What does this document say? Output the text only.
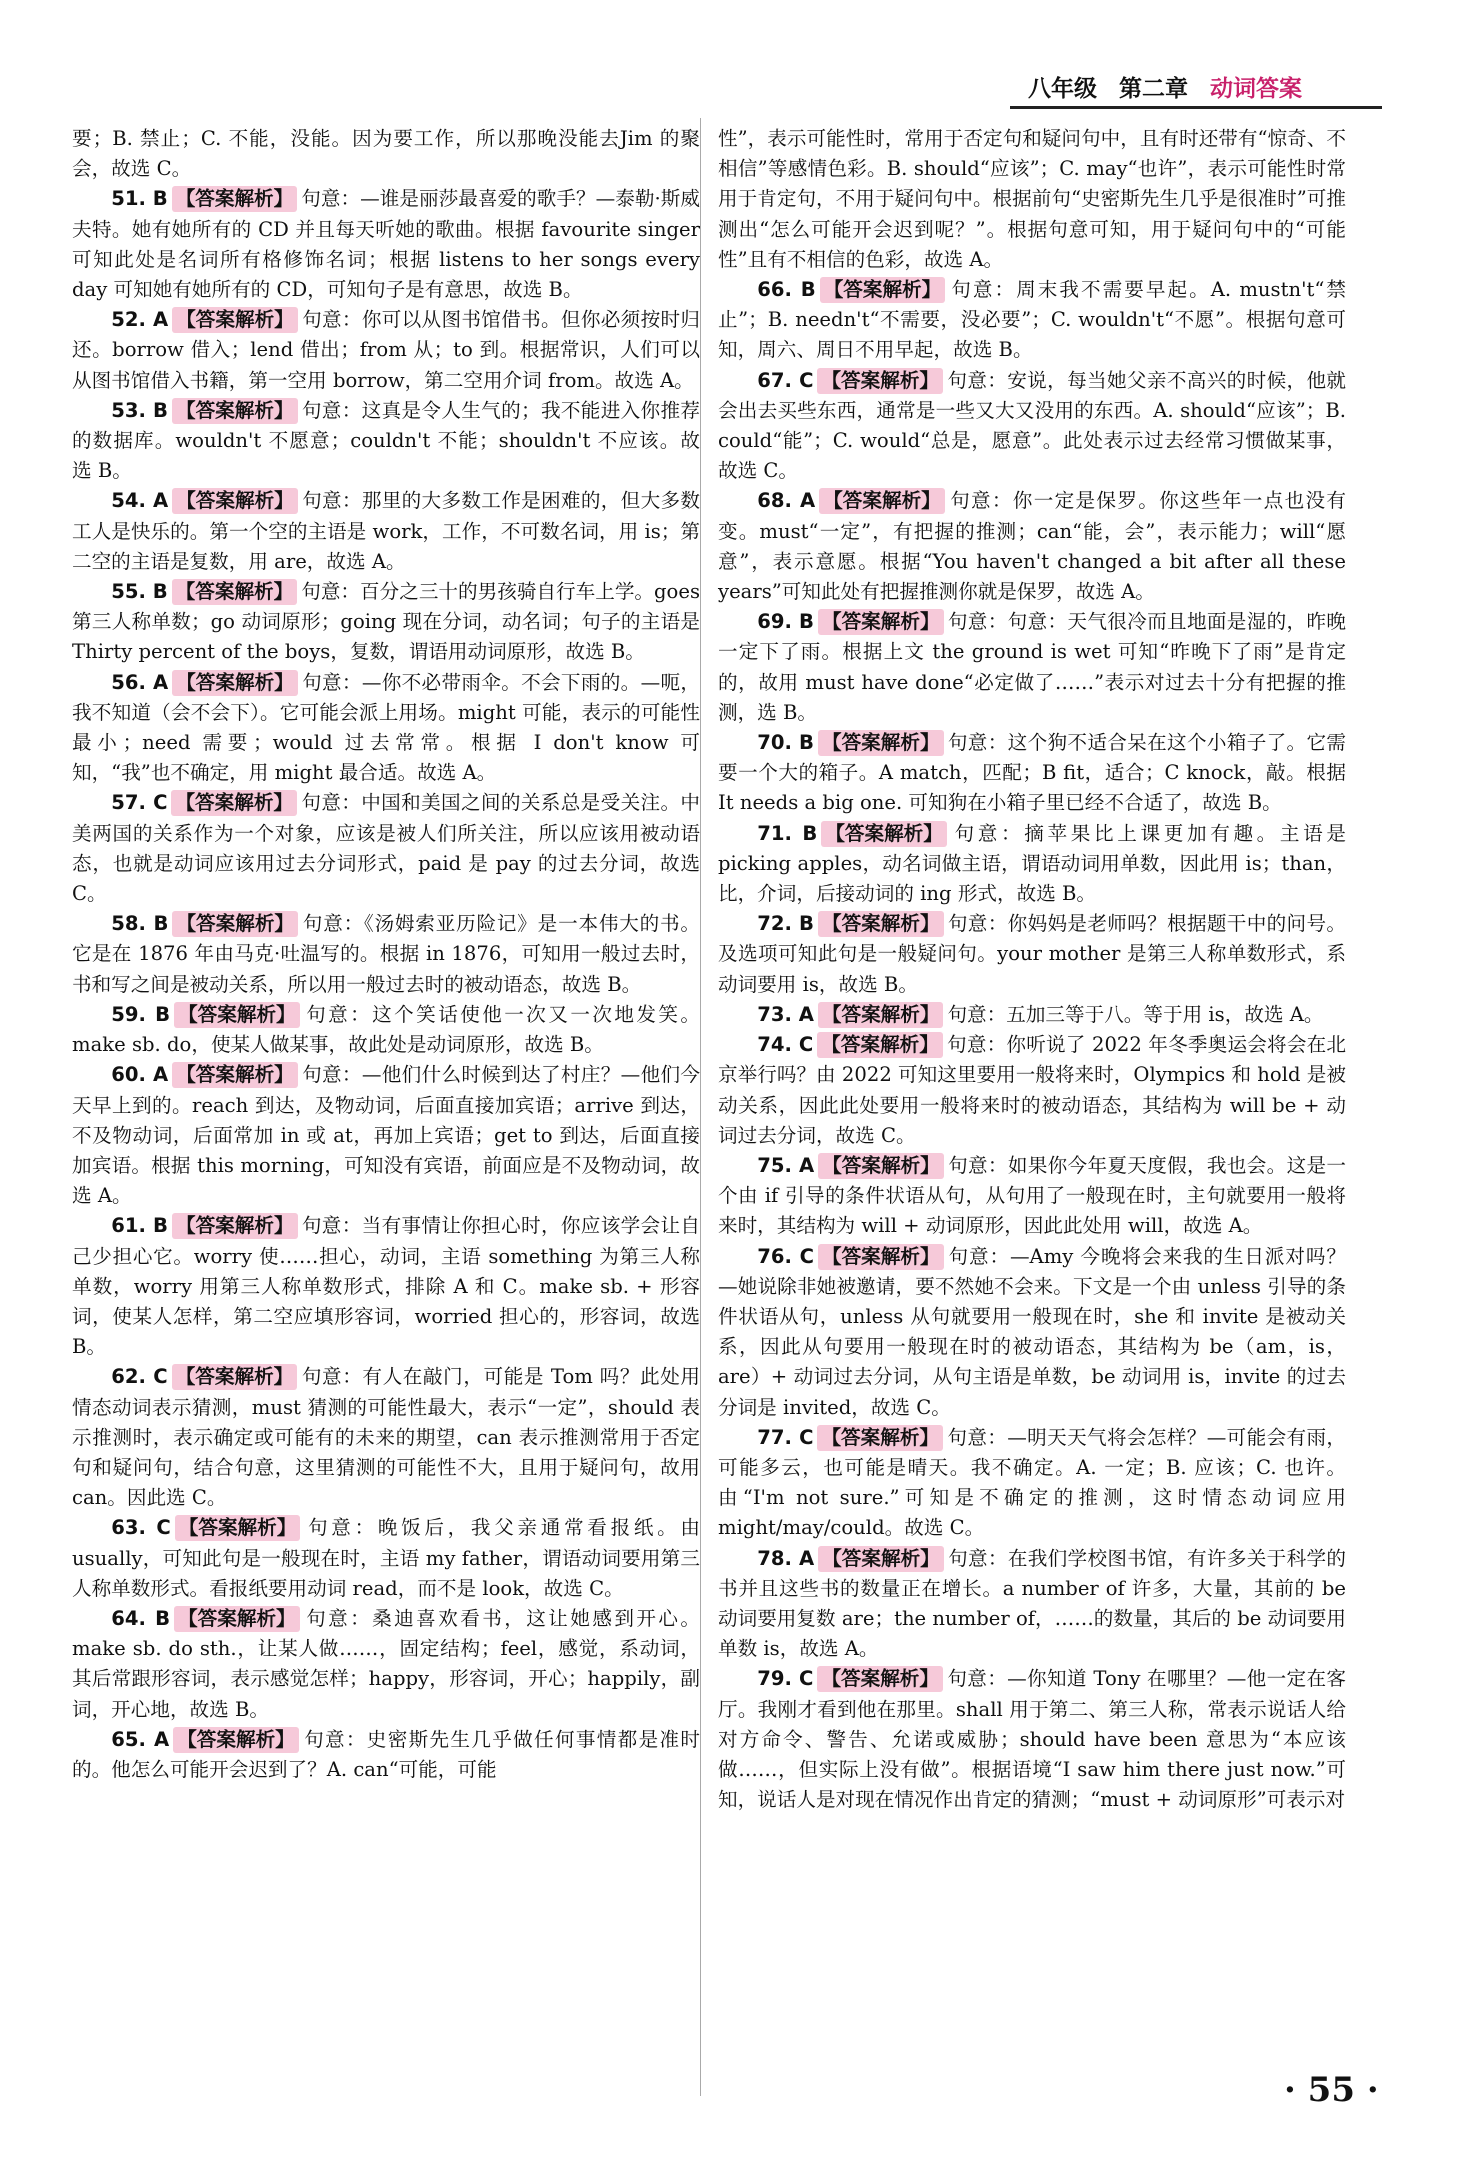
八年级 第二章 动词答案

要；B. 禁止；C. 不能，没能。因为要工作，所以那晚没能去Jim 的聚会，故选 C。

51. B 【答案解析】 句意：—谁是丽莎最喜爱的歌手？—泰勒·斯威夫特。她有她所有的 CD 并且每天听她的歌曲。根据 favourite singer 可知此处是名词所有格修饰名词；根据 listens to her songs every day 可知她有她所有的 CD，可知句子是有意思，故选 B。

52. A 【答案解析】 句意：你可以从图书馆借书。但你必须按时归还。borrow 借入；lend 借出；from 从；to 到。根据常识，人们可以从图书馆借入书籍，第一空用 borrow，第二空用介词 from。故选 A。

53. B 【答案解析】 句意：这真是令人生气的；我不能进入你推荐的数据库。wouldn't 不愿意；couldn't 不能；shouldn't 不应该。故选 B。

54. A 【答案解析】 句意：那里的大多数工作是困难的，但大多数工人是快乐的。第一个空的主语是 work，工作，不可数名词，用 is；第二空的主语是复数，用 are，故选 A。

55. B 【答案解析】 句意：百分之三十的男孩骑自行车上学。goes 第三人称单数；go 动词原形；going 现在分词，动名词；句子的主语是 Thirty percent of the boys，复数，谓语用动词原形，故选 B。

56. A 【答案解析】 句意：—你不必带雨伞。不会下雨的。—呃，我不知道（会不会下）。它可能会派上用场。might 可能，表示的可能性最小；need 需要；would 过去常常。根据 I don't know 可知，“我”也不确定，用 might 最合适。故选 A。

57. C 【答案解析】 句意：中国和美国之间的关系总是受关注。中美两国的关系作为一个对象，应该是被人们所关注，所以应该用被动语态，也就是动词应该用过去分词形式，paid 是 pay 的过去分词，故选 C。

58. B 【答案解析】 句意：《汤姆索亚历险记》是一本伟大的书。它是在 1876 年由马克·吐温写的。根据 in 1876，可知用一般过去时，书和写之间是被动关系，所以用一般过去时的被动语态，故选 B。

59. B 【答案解析】 句意：这个笑话使他一次又一次地发笑。make sb. do，使某人做某事，故此处是动词原形，故选 B。

60. A 【答案解析】 句意：—他们什么时候到达了村庄？—他们今天早上到的。reach 到达，及物动词，后面直接加宾语；arrive 到达，不及物动词，后面常加 in 或 at，再加上宾语；get to 到达，后面直接加宾语。根据 this morning，可知没有宾语，前面应是不及物动词，故选 A。

61. B 【答案解析】 句意：当有事情让你担心时，你应该学会让自己少担心它。worry 使……担心，动词，主语 something 为第三人称单数，worry 用第三人称单数形式，排除 A 和 C。make sb. + 形容词，使某人怎样，第二空应填形容词，worried 担心的，形容词，故选 B。

62. C 【答案解析】 句意：有人在敲门，可能是 Tom 吗？此处用情态动词表示猜测，must 猜测的可能性最大，表示“一定”，should 表示推测时，表示确定或可能有的未来的期望，can 表示推测常用于否定句和疑问句，结合句意，这里猜测的可能性不大，且用于疑问句，故用 can。因此选 C。

63. C 【答案解析】 句意：晚饭后，我父亲通常看报纸。由 usually，可知此句是一般现在时，主语 my father，谓语动词要用第三人称单数形式。看报纸要用动词 read，而不是 look，故选 C。

64. B 【答案解析】 句意：桑迪喜欢看书，这让她感到开心。make sb. do sth.，让某人做……，固定结构；feel，感觉，系动词，其后常跟形容词，表示感觉怎样；happy，形容词，开心；happily，副词，开心地，故选 B。

65. A 【答案解析】 句意：史密斯先生几乎做任何事情都是准时的。他怎么可能开会迟到了？A. can“可能，可能

性”，表示可能性时，常用于否定句和疑问句中，且有时还带有“惊奇、不相信”等感情色彩。B. should“应该”；C. may“也许”，表示可能性时常用于肯定句，不用于疑问句中。根据前句“史密斯先生几乎是很准时”可推测出“怎么可能开会迟到呢？”。根据句意可知，用于疑问句中的“可能性”且有不相信的色彩，故选 A。

66. B 【答案解析】 句意：周末我不需要早起。A. mustn't“禁止”；B. needn't“不需要，没必要”；C. wouldn't“不愿”。根据句意可知，周六、周日不用早起，故选 B。

67. C 【答案解析】 句意：安说，每当她父亲不高兴的时候，他就会出去买些东西，通常是一些又大又没用的东西。A. should“应该”；B. could“能”；C. would“总是，愿意”。此处表示过去经常习惯做某事，故选 C。

68. A 【答案解析】 句意：你一定是保罗。你这些年一点也没有变。must“一定”，有把握的推测；can“能，会”，表示能力；will“愿意”，表示意愿。根据“You haven't changed a bit after all these years”可知此处有把握推测你就是保罗，故选 A。

69. B 【答案解析】 句意：句意：天气很冷而且地面是湿的，昨晚一定下了雨。根据上文 the ground is wet 可知“昨晚下了雨”是肯定的，故用 must have done“必定做了……”表示对过去十分有把握的推测，选 B。

70. B 【答案解析】 句意：这个狗不适合呆在这个小箱子了。它需要一个大的箱子。A match，匹配；B fit，适合；C knock，敲。根据 It needs a big one. 可知狗在小箱子里已经不合适了，故选 B。

71. B 【答案解析】 句意：摘苹果比上课更加有趣。主语是 picking apples，动名词做主语，谓语动词用单数，因此用 is；than，比，介词，后接动词的 ing 形式，故选 B。

72. B 【答案解析】 句意：你妈妈是老师吗？根据题干中的问号。及选项可知此句是一般疑问句。your mother 是第三人称单数形式，系动词要用 is，故选 B。

73. A 【答案解析】 句意：五加三等于八。等于用 is，故选 A。

74. C 【答案解析】 句意：你听说了 2022 年冬季奥运会将会在北京举行吗？由 2022 可知这里要用一般将来时，Olympics 和 hold 是被动关系，因此此处要用一般将来时的被动语态，其结构为 will be + 动词过去分词，故选 C。

75. A 【答案解析】 句意：如果你今年夏天度假，我也会。这是一个由 if 引导的条件状语从句，从句用了一般现在时，主句就要用一般将来时，其结构为 will + 动词原形，因此此处用 will，故选 A。

76. C 【答案解析】 句意：—Amy 今晚将会来我的生日派对吗？—她说除非她被邀请，要不然她不会来。下文是一个由 unless 引导的条件状语从句，unless 从句就要用一般现在时，she 和 invite 是被动关系，因此从句要用一般现在时的被动语态，其结构为 be（am，is，are）+ 动词过去分词，从句主语是单数，be 动词用 is，invite 的过去分词是 invited，故选 C。

77. C 【答案解析】 句意：—明天天气将会怎样？—可能会有雨，可能多云，也可能是晴天。我不确定。A. 一定；B. 应该；C. 也许。由“I'm not sure.”可知是不确定的推测，这时情态动词应用 might/may/could。故选 C。

78. A 【答案解析】 句意：在我们学校图书馆，有许多关于科学的书并且这些书的数量正在增长。a number of 许多，大量，其前的 be 动词要用复数 are；the number of，……的数量，其后的 be 动词要用单数 is，故选 A。

79. C 【答案解析】 句意：—你知道 Tony 在哪里？—他一定在客厅。我刚才看到他在那里。shall 用于第二、第三人称，常表示说话人给对方命令、警告、允诺或威胁；should have been 意思为“本应该做……，但实际上没有做”。根据语境“I saw him there just now.”可知，说话人是对现在情况作出肯定的猜测；“must + 动词原形”可表示对

· 55 ·
